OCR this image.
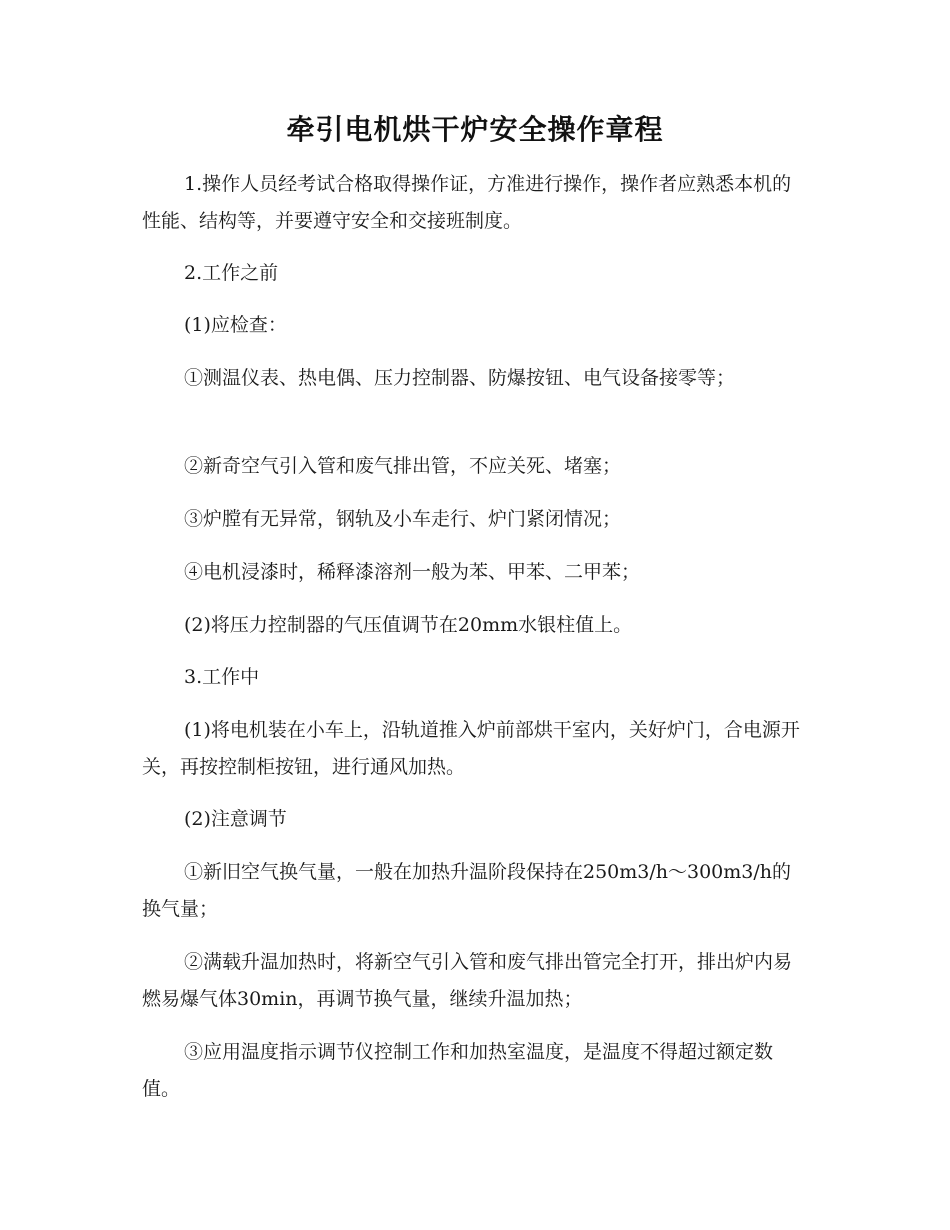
牵引电机烘干炉安全操作章程
1.操作人员经考试合格取得操作证，方准进行操作，操作者应熟悉本机的性能、结构等，并要遵守安全和交接班制度。
2.工作之前
(1)应检查：
①测温仪表、热电偶、压力控制器、防爆按钮、电气设备接零等；
②新奇空气引入管和废气排出管，不应关死、堵塞；
③炉膛有无异常，钢轨及小车走行、炉门紧闭情况；
④电机浸漆时，稀释漆溶剂一般为苯、甲苯、二甲苯；
(2)将压力控制器的气压值调节在20mm水银柱值上。
3.工作中
(1)将电机装在小车上，沿轨道推入炉前部烘干室内，关好炉门，合电源开关，再按控制柜按钮，进行通风加热。
(2)注意调节
①新旧空气换气量，一般在加热升温阶段保持在250m3/h～300m3/h的换气量；
②满载升温加热时，将新空气引入管和废气排出管完全打开，排出炉内易燃易爆气体30min，再调节换气量，继续升温加热；
③应用温度指示调节仪控制工作和加热室温度，是温度不得超过额定数值。
